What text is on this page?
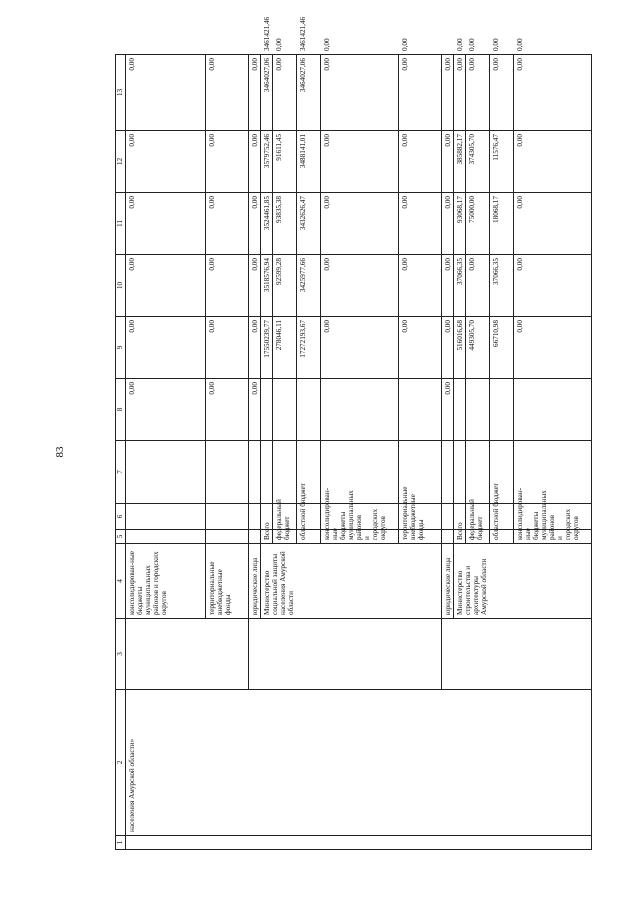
83
1	2	3	4	5	6	7	8	9	10	11	12	13	
	населения Амурской области»		консолидирован-ные бюджеты муниципальных районов и городских округов				0,00	0,00	0,00	0,00	0,00	0,00	
			территориальные внебюджетные фонды				0,00	0,00	0,00	0,00	0,00	0,00	
			юридические лица				0,00	0,00	0,00	0,00	0,00	0,00	
			Министерство социальной защиты населения Амурской области	Всего				17550239,77	3518576,94	3524461,85	3579752,46	3464027,06	3461421,46
				федеральный бюджет				278046,11	92599,28	93835,38	91611,45	0,00	0,00
				областной бюджет				17272193,67	3425977,66	3432626,47	3488141,01	3464027,06	3461421,46
				консолидирован-ные бюджеты муниципальных районов и городских округов				0,00	0,00	0,00	0,00	0,00	0,00
				территориальные внебюджетные фонды				0,00	0,00	0,00	0,00	0,00	0,00
			юридические лица				0,00	0,00	0,00	0,00	0,00	0,00	
			Министерство строительства и архитектуры Амурской области	Всего				516016,68	37066,35	93068,17	385882,17	0,00	0,00
				федеральный бюджет				449305,70	0,00	75000,00	374305,70	0,00	0,00
				областной бюджет				66710,98	37066,35	18068,17	11576,47	0,00	0,00
				консолидирован-ные бюджеты муниципальных районов и городских округов				0,00	0,00	0,00	0,00	0,00	0,00
